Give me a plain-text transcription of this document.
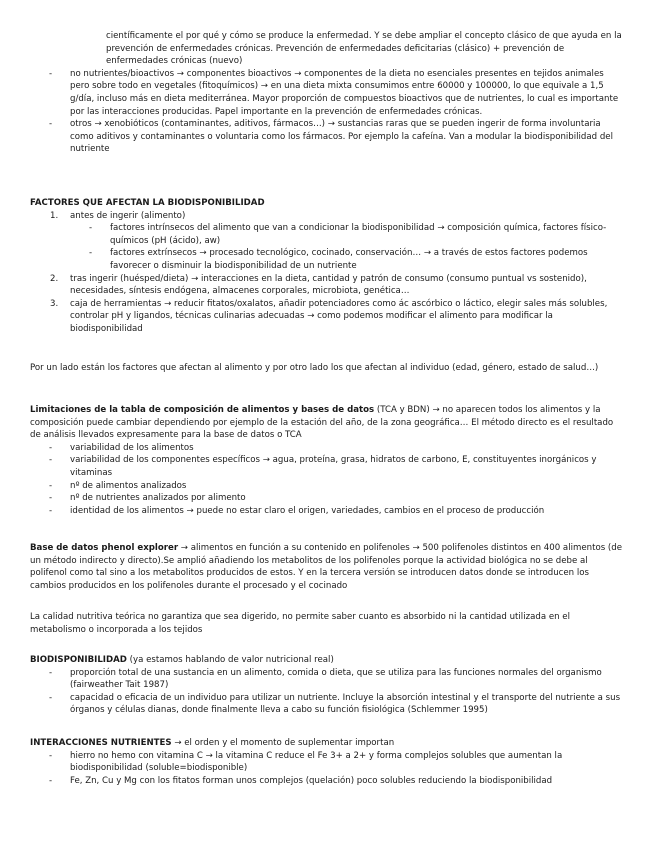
científicamente el por qué y cómo se produce la enfermedad. Y se debe ampliar el concepto clásico de que ayuda en la prevención de enfermedades crónicas. Prevención de enfermedades deficitarias (clásico) + prevención de enfermedades crónicas (nuevo)

- no nutrientes/bioactivos → componentes bioactivos → componentes de la dieta no esenciales presentes en tejidos animales pero sobre todo en vegetales (fitoquímicos) → en una dieta mixta consumimos entre 60000 y 100000, lo que equivale a 1,5 g/día, incluso más en dieta mediterránea. Mayor proporción de compuestos bioactivos que de nutrientes, lo cual es importante por las interacciones producidas. Papel importante en la prevención de enfermedades crónicas.
- otros → xenobióticos (contaminantes, aditivos, fármacos…) → sustancias raras que se pueden ingerir de forma involuntaria como aditivos y contaminantes o voluntaria como los fármacos. Por ejemplo la cafeína. Van a modular la biodisponibilidad del nutriente

FACTORES QUE AFECTAN LA BIODISPONIBILIDAD

1. antes de ingerir (alimento)
- factores intrínsecos del alimento que van a condicionar la biodisponibilidad → composición química, factores físico-químicos (pH (ácido), aw)
- factores extrínsecos → procesado tecnológico, cocinado, conservación… → a través de estos factores podemos favorecer o disminuir la biodisponibilidad de un nutriente
2. tras ingerir (huésped/dieta) → interacciones en la dieta, cantidad y patrón de consumo (consumo puntual vs sostenido), necesidades, síntesis endógena, almacenes corporales, microbiota, genética…
3. caja de herramientas → reducir fitatos/oxalatos, añadir potenciadores como ác ascórbico o láctico, elegir sales más solubles, controlar pH y ligandos, técnicas culinarias adecuadas → como podemos modificar el alimento para modificar la biodisponibilidad

Por un lado están los factores que afectan al alimento y por otro lado los que afectan al individuo (edad, género, estado de salud…)

Limitaciones de la tabla de composición de alimentos y bases de datos (TCA y BDN) → no aparecen todos los alimentos y la composición puede cambiar dependiendo por ejemplo de la estación del año, de la zona geográfica… El método directo es el resultado de análisis llevados expresamente para la base de datos o TCA

- variabilidad de los alimentos
- variabilidad de los componentes específicos → agua, proteína, grasa, hidratos de carbono, E, constituyentes inorgánicos y vitaminas
- nº de alimentos analizados
- nº de nutrientes analizados por alimento
- identidad de los alimentos → puede no estar claro el origen, variedades, cambios en el proceso de producción

Base de datos phenol explorer → alimentos en función a su contenido en polifenoles → 500 polifenoles distintos en 400 alimentos (de un método indirecto y directo).Se amplió añadiendo los metabolitos de los polifenoles porque la actividad biológica no se debe al polifenol como tal sino a los metabolitos producidos de estos. Y en la tercera versión se introducen datos donde se introducen los cambios producidos en los polifenoles durante el procesado y el cocinado

La calidad nutritiva teórica no garantiza que sea digerido, no permite saber cuanto es absorbido ni la cantidad utilizada en el metabolismo o incorporada a los tejidos

BIODISPONIBILIDAD (ya estamos hablando de valor nutricional real)

- proporción total de una sustancia en un alimento, comida o dieta, que se utiliza para las funciones normales del organismo (fairweather Tait 1987)
- capacidad o eficacia de un individuo para utilizar un nutriente. Incluye la absorción intestinal y el transporte del nutriente a sus órganos y células dianas, donde finalmente lleva a cabo su función fisiológica (Schlemmer 1995)

INTERACCIONES NUTRIENTES → el orden y el momento de suplementar importan

- hierro no hemo con vitamina C → la vitamina C reduce el Fe 3+ a 2+ y forma complejos solubles que aumentan la biodisponibilidad (soluble=biodisponible)
- Fe, Zn, Cu y Mg con los fitatos forman unos complejos (quelación) poco solubles reduciendo la biodisponibilidad
